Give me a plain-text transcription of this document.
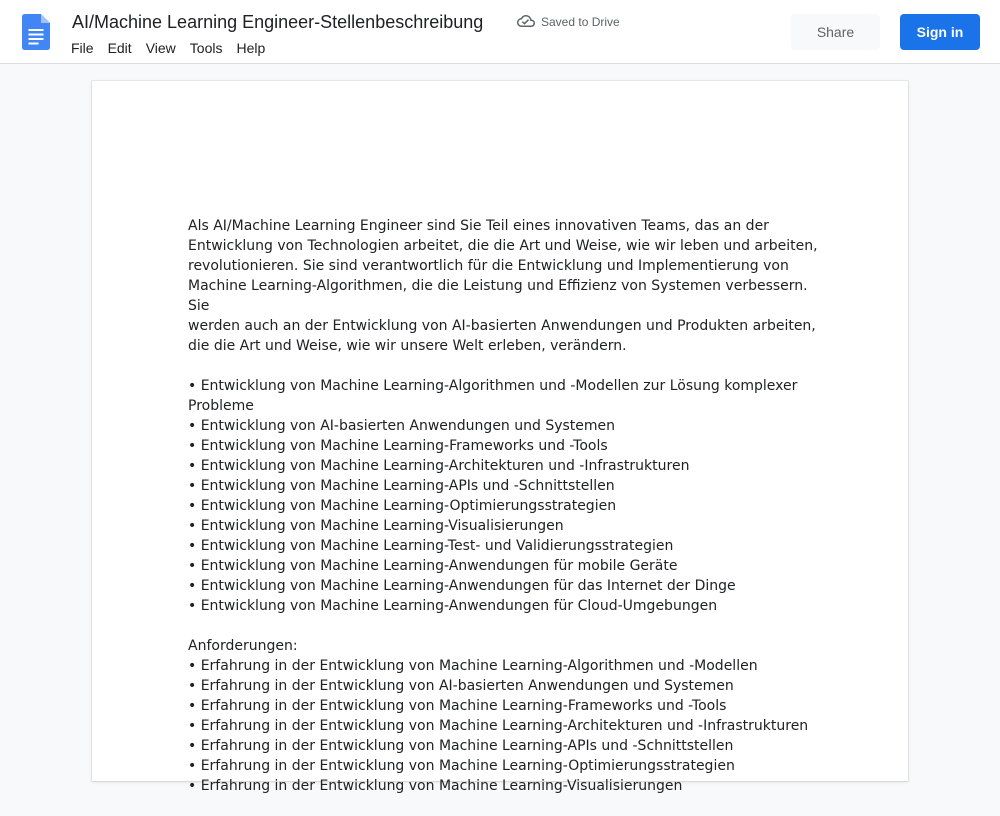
AI/Machine Learning Engineer-Stellenbeschreibung	Saved to Drive
File	Edit	View	Tools	Help
Share	Sign in
Als AI/Machine Learning Engineer sind Sie Teil eines innovativen Teams, das an der
Entwicklung von Technologien arbeitet, die die Art und Weise, wie wir leben und arbeiten,
revolutionieren. Sie sind verantwortlich für die Entwicklung und Implementierung von
Machine Learning-Algorithmen, die die Leistung und Effizienz von Systemen verbessern. Sie
werden auch an der Entwicklung von AI-basierten Anwendungen und Produkten arbeiten,
die die Art und Weise, wie wir unsere Welt erleben, verändern.
• Entwicklung von Machine Learning-Algorithmen und -Modellen zur Lösung komplexer
Probleme
• Entwicklung von AI-basierten Anwendungen und Systemen
• Entwicklung von Machine Learning-Frameworks und -Tools
• Entwicklung von Machine Learning-Architekturen und -Infrastrukturen
• Entwicklung von Machine Learning-APIs und -Schnittstellen
• Entwicklung von Machine Learning-Optimierungsstrategien
• Entwicklung von Machine Learning-Visualisierungen
• Entwicklung von Machine Learning-Test- und Validierungsstrategien
• Entwicklung von Machine Learning-Anwendungen für mobile Geräte
• Entwicklung von Machine Learning-Anwendungen für das Internet der Dinge
• Entwicklung von Machine Learning-Anwendungen für Cloud-Umgebungen
Anforderungen:
• Erfahrung in der Entwicklung von Machine Learning-Algorithmen und -Modellen
• Erfahrung in der Entwicklung von AI-basierten Anwendungen und Systemen
• Erfahrung in der Entwicklung von Machine Learning-Frameworks und -Tools
• Erfahrung in der Entwicklung von Machine Learning-Architekturen und -Infrastrukturen
• Erfahrung in der Entwicklung von Machine Learning-APIs und -Schnittstellen
• Erfahrung in der Entwicklung von Machine Learning-Optimierungsstrategien
• Erfahrung in der Entwicklung von Machine Learning-Visualisierungen
